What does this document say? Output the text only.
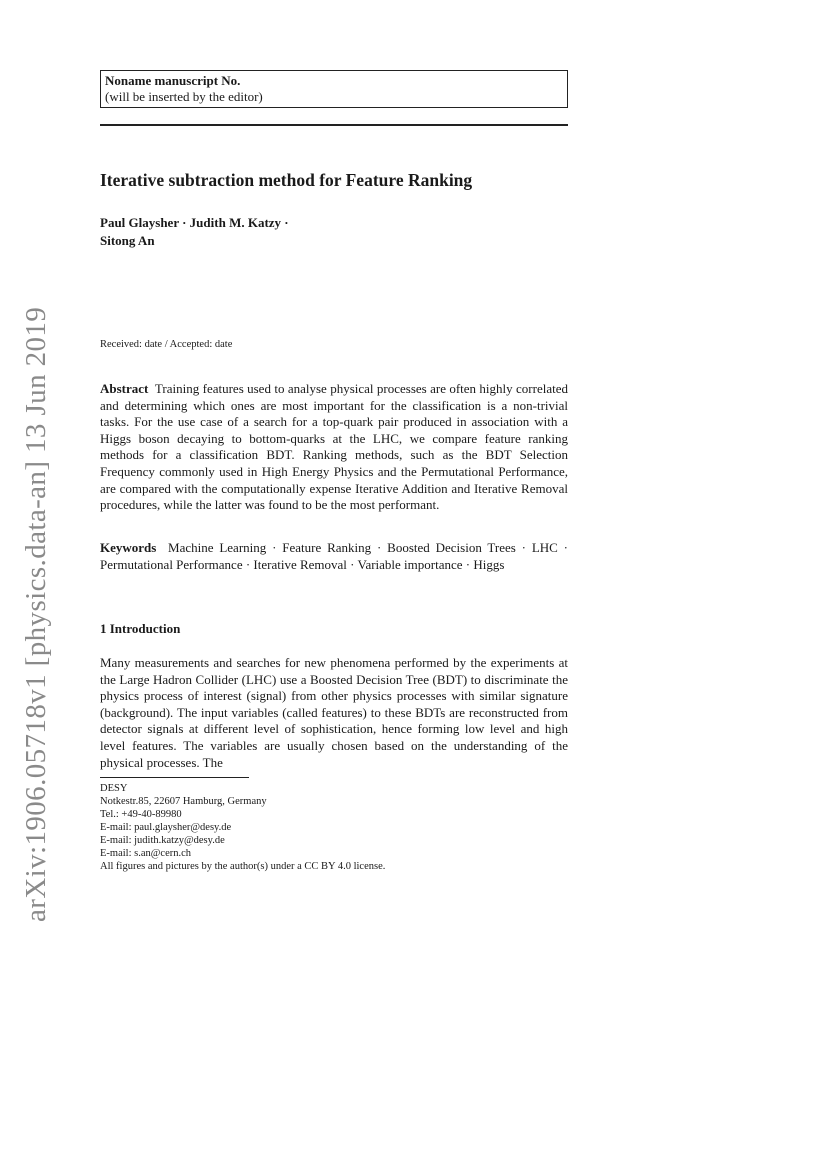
arXiv:1906.05718v1 [physics.data-an] 13 Jun 2019
Noname manuscript No.
(will be inserted by the editor)
Iterative subtraction method for Feature Ranking
Paul Glaysher · Judith M. Katzy ·
Sitong An
Received: date / Accepted: date
Abstract Training features used to analyse physical processes are often highly correlated and determining which ones are most important for the classification is a non-trivial tasks. For the use case of a search for a top-quark pair produced in association with a Higgs boson decaying to bottom-quarks at the LHC, we compare feature ranking methods for a classification BDT. Ranking methods, such as the BDT Selection Frequency commonly used in High Energy Physics and the Permutational Performance, are compared with the computationally expense Iterative Addition and Iterative Removal procedures, while the latter was found to be the most performant.
Keywords Machine Learning · Feature Ranking · Boosted Decision Trees · LHC · Permutational Performance · Iterative Removal · Variable importance · Higgs
1 Introduction
Many measurements and searches for new phenomena performed by the experiments at the Large Hadron Collider (LHC) use a Boosted Decision Tree (BDT) to discriminate the physics process of interest (signal) from other physics processes with similar signature (background). The input variables (called features) to these BDTs are reconstructed from detector signals at different level of sophistication, hence forming low level and high level features. The variables are usually chosen based on the understanding of the physical processes. The
DESY
Notkestr.85, 22607 Hamburg, Germany
Tel.: +49-40-89980
E-mail: paul.glaysher@desy.de
E-mail: judith.katzy@desy.de
E-mail: s.an@cern.ch
All figures and pictures by the author(s) under a CC BY 4.0 license.
